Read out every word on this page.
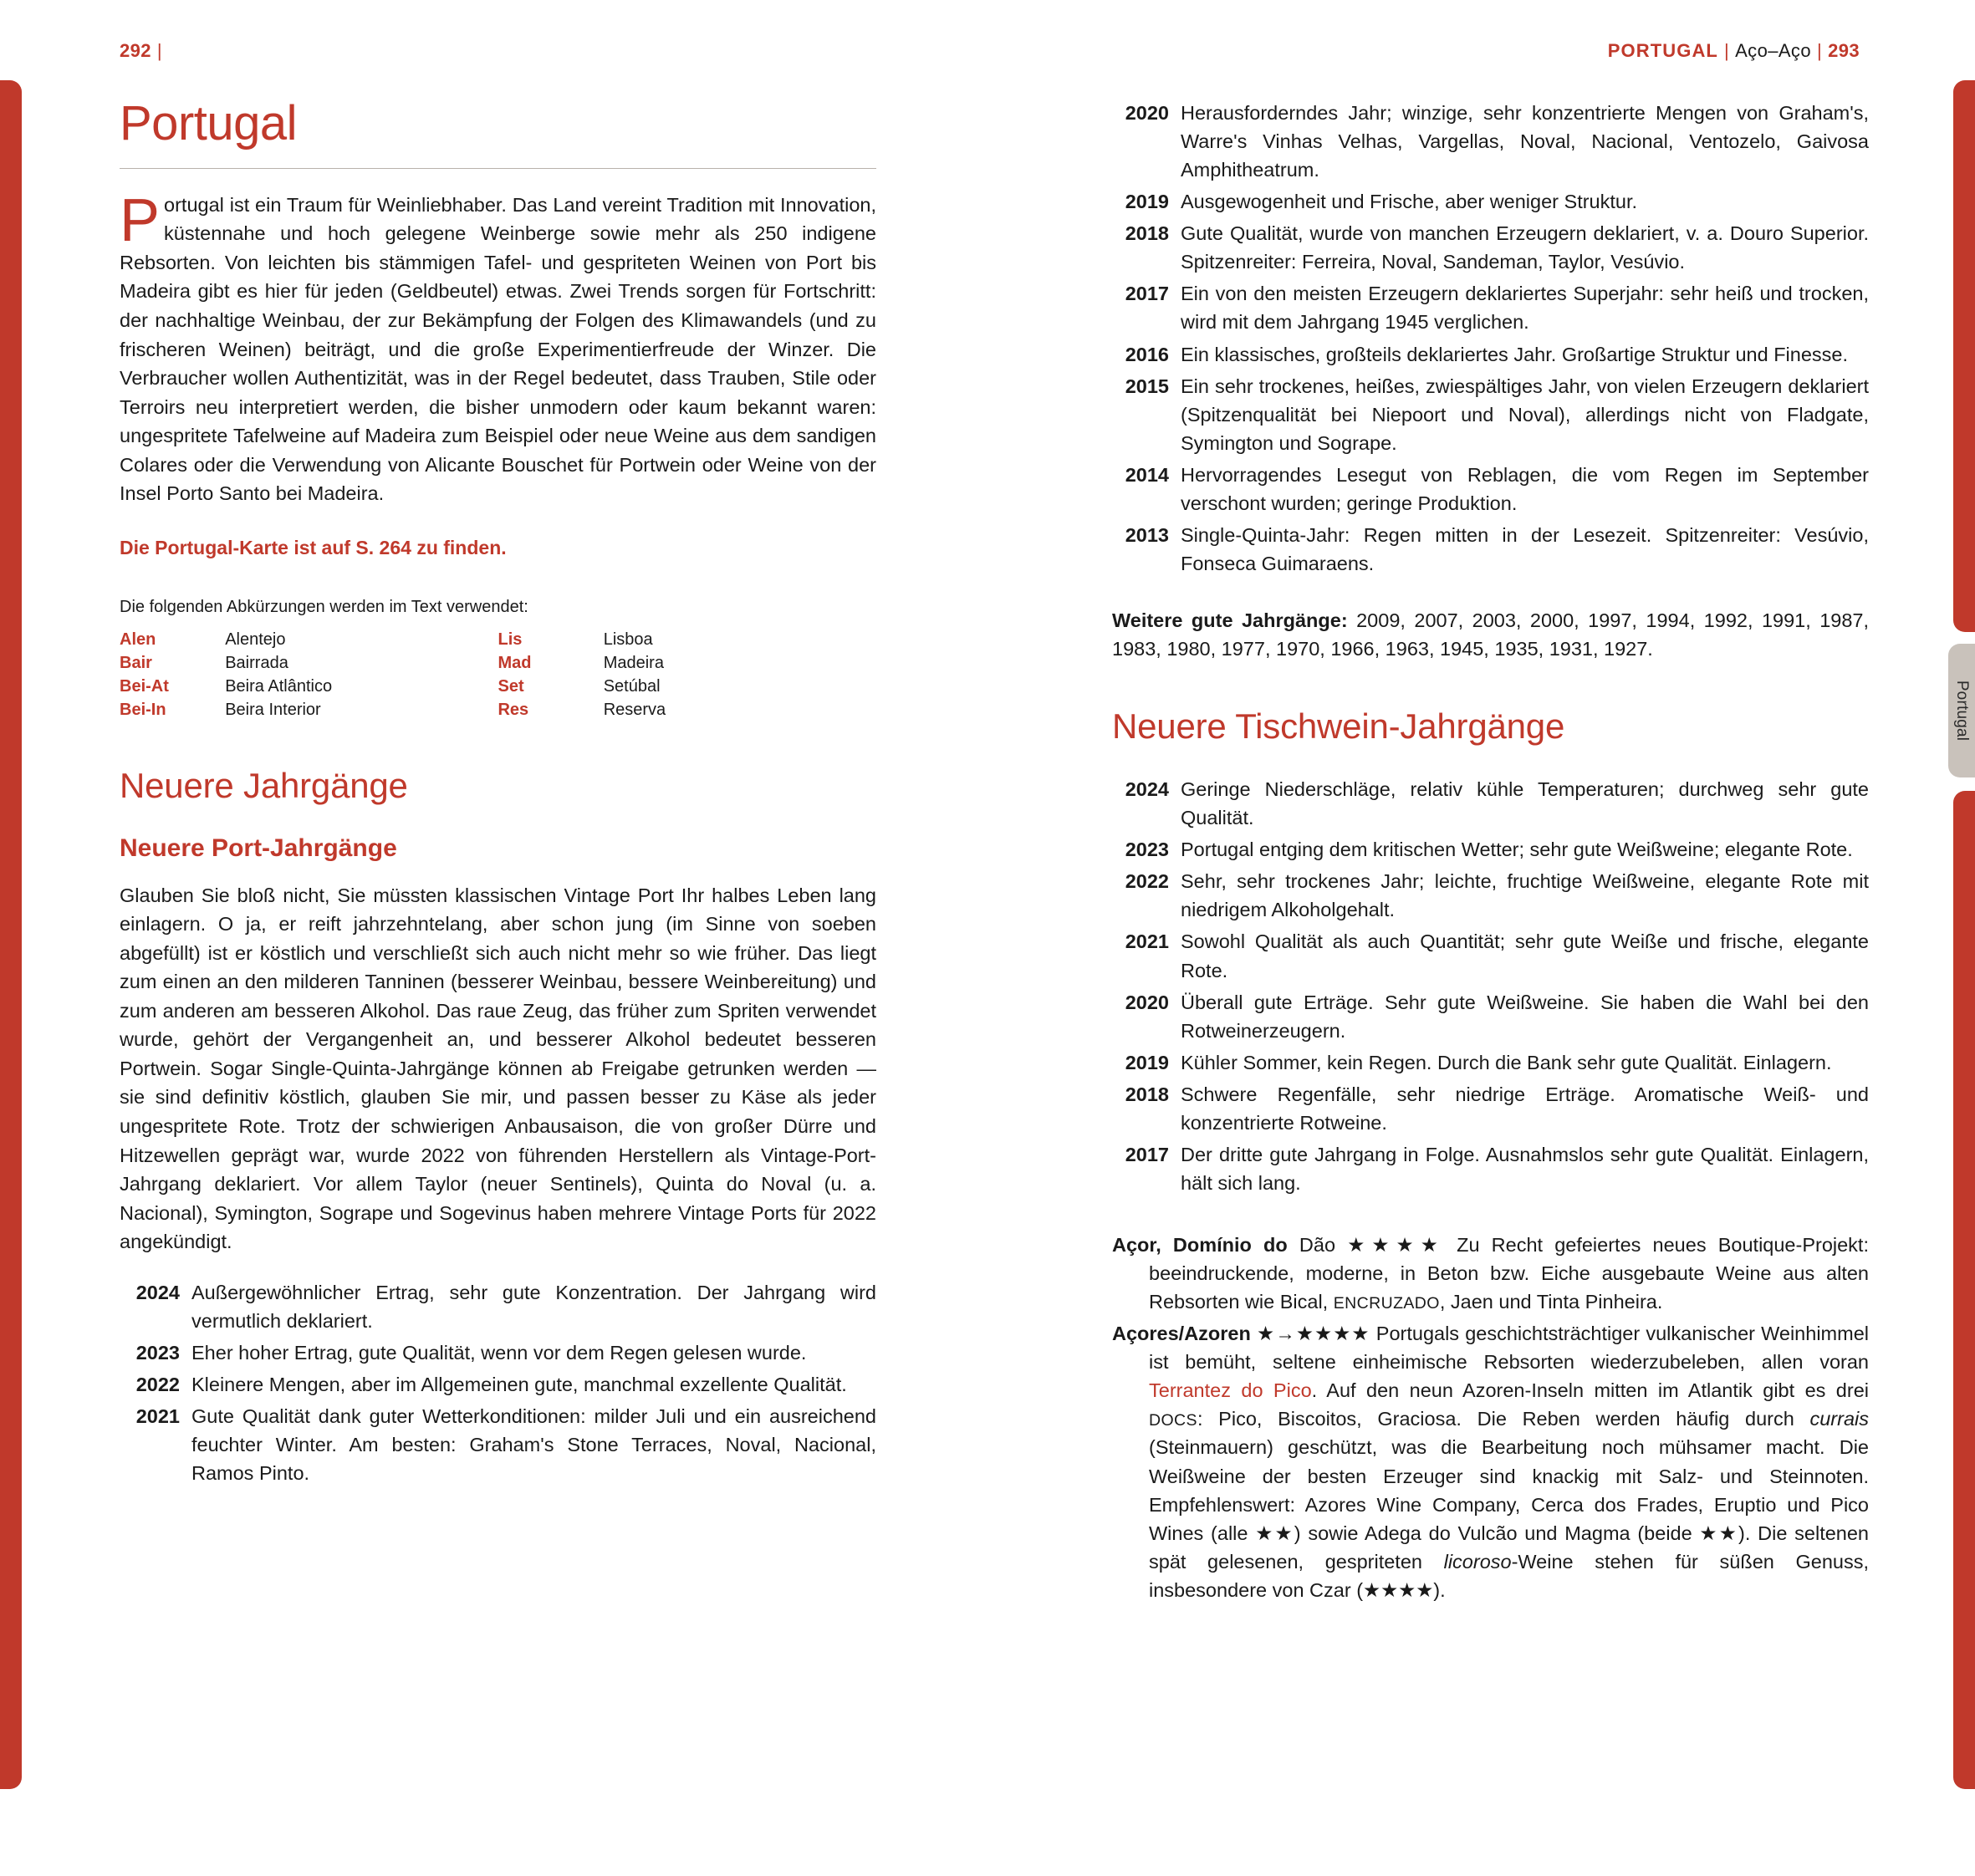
Portugal
292 |	PORTUGAL | Aço–Aço | 293
Portugal
P ortugal ist ein Traum für Weinliebhaber. Das Land vereint Tradition mit Innovation, küstennahe und hoch gelegene Weinberge sowie mehr als 250 indigene Rebsorten. Von leichten bis stämmigen Tafel- und gespriteten Weinen von Port bis Madeira gibt es hier für jeden (Geldbeutel) etwas. Zwei Trends sorgen für Fortschritt: der nachhaltige Weinbau, der zur Bekämpfung der Folgen des Klimawandels (und zu frischeren Weinen) beiträgt, und die große Experimentierfreude der Winzer. Die Verbraucher wollen Authentizität, was in der Regel bedeutet, dass Trauben, Stile oder Terroirs neu interpretiert werden, die bisher unmodern oder kaum bekannt waren: ungespritete Tafelweine auf Madeira zum Beispiel oder neue Weine aus dem sandigen Colares oder die Verwendung von Alicante Bouschet für Portwein oder Weine von der Insel Porto Santo bei Madeira.

Die Portugal-Karte ist auf S. 264 zu finden.

Die folgenden Abkürzungen werden im Text verwendet:

Alen	Alentejo	Lis	Lisboa
Bair	Bairrada	Mad	Madeira
Bei-At	Beira Atlântico	Set	Setúbal
Bei-In	Beira Interior	Res	Reserva
Neuere Jahrgänge
Neuere Port-Jahrgänge

Glauben Sie bloß nicht, Sie müssten klassischen Vintage Port Ihr halbes Leben lang einlagern. O ja, er reift jahrzehntelang, aber schon jung (im Sinne von soeben abgefüllt) ist er köstlich und verschließt sich auch nicht mehr so wie früher. Das liegt zum einen an den milderen Tanninen (besserer Weinbau, bessere Weinbereitung) und zum anderen am besseren Alkohol. Das raue Zeug, das früher zum Spriten verwendet wurde, gehört der Vergangenheit an, und besserer Alkohol bedeutet besseren Portwein. Sogar Single-Quinta-Jahrgänge können ab Freigabe getrunken werden — sie sind definitiv köstlich, glauben Sie mir, und passen besser zu Käse als jeder ungespritete Rote. Trotz der schwierigen Anbausaison, die von großer Dürre und Hitzewellen geprägt war, wurde 2022 von führenden Herstellern als Vintage-Port-Jahrgang deklariert. Vor allem Taylor (neuer Sentinels), Quinta do Noval (u. a. Nacional), Symington, Sogrape und Sogevinus haben mehrere Vintage Ports für 2022 angekündigt.

2024 Außergewöhnlicher Ertrag, sehr gute Konzentration. Der Jahrgang wird vermutlich deklariert.
2023 Eher hoher Ertrag, gute Qualität, wenn vor dem Regen gelesen wurde.
2022 Kleinere Mengen, aber im Allgemeinen gute, manchmal exzellente Qualität.
2021 Gute Qualität dank guter Wetterkonditionen: milder Juli und ein ausreichend feuchter Winter. Am besten: Graham's Stone Terraces, Noval, Nacional, Ramos Pinto.
2020 Herausforderndes Jahr; winzige, sehr konzentrierte Mengen von Graham's, Warre's Vinhas Velhas, Vargellas, Noval, Nacional, Ventozelo, Gaivosa Amphitheatrum.
2019 Ausgewogenheit und Frische, aber weniger Struktur.
2018 Gute Qualität, wurde von manchen Erzeugern deklariert, v. a. Douro Superior. Spitzenreiter: Ferreira, Noval, Sandeman, Taylor, Vesúvio.
2017 Ein von den meisten Erzeugern deklariertes Superjahr: sehr heiß und trocken, wird mit dem Jahrgang 1945 verglichen.
2016 Ein klassisches, großteils deklariertes Jahr. Großartige Struktur und Finesse.
2015 Ein sehr trockenes, heißes, zwiespältiges Jahr, von vielen Erzeugern deklariert (Spitzenqualität bei Niepoort und Noval), allerdings nicht von Fladgate, Symington und Sogrape.
2014 Hervorragendes Lesegut von Reblagen, die vom Regen im September verschont wurden; geringe Produktion.
2013 Single-Quinta-Jahr: Regen mitten in der Lesezeit. Spitzenreiter: Vesúvio, Fonseca Guimaraens.

Weitere gute Jahrgänge: 2009, 2007, 2003, 2000, 1997, 1994, 1992, 1991, 1987, 1983, 1980, 1977, 1970, 1966, 1963, 1945, 1935, 1931, 1927.

Neuere Tischwein-Jahrgänge
2024 Geringe Niederschläge, relativ kühle Temperaturen; durchweg sehr gute Qualität.
2023 Portugal entging dem kritischen Wetter; sehr gute Weißweine; elegante Rote.
2022 Sehr, sehr trockenes Jahr; leichte, fruchtige Weißweine, elegante Rote mit niedrigem Alkoholgehalt.
2021 Sowohl Qualität als auch Quantität; sehr gute Weiße und frische, elegante Rote.
2020 Überall gute Erträge. Sehr gute Weißweine. Sie haben die Wahl bei den Rotweinerzeugern.
2019 Kühler Sommer, kein Regen. Durch die Bank sehr gute Qualität. Einlagern.
2018 Schwere Regenfälle, sehr niedrige Erträge. Aromatische Weiß- und konzentrierte Rotweine.
2017 Der dritte gute Jahrgang in Folge. Ausnahmslos sehr gute Qualität. Einlagern, hält sich lang.
Açor, Domínio do Dão ★★★★ Zu Recht gefeiertes neues Boutique-Projekt: beeindruckende, moderne, in Beton bzw. Eiche ausgebaute Weine aus alten Rebsorten wie Bical, ENCRUZADO, Jaen und Tinta Pinheira.
Açores/Azoren ★→★★★★ Portugals geschichtsträchtiger vulkanischer Weinhimmel ist bemüht, seltene einheimische Rebsorten wiederzubeleben, allen voran Terrantez do Pico. Auf den neun Azoren-Inseln mitten im Atlantik gibt es drei DOCS: Pico, Biscoitos, Graciosa. Die Reben werden häufig durch currais (Steinmauern) geschützt, was die Bearbeitung noch mühsamer macht. Die Weißweine der besten Erzeuger sind knackig mit Salz- und Steinnoten. Empfehlenswert: Azores Wine Company, Cerca dos Frades, Eruptio und Pico Wines (alle ★★) sowie Adega do Vulcão und Magma (beide ★★). Die seltenen spät gelesenen, gespriteten licoroso-Weine stehen für süßen Genuss, insbesondere von Czar (★★★★).
